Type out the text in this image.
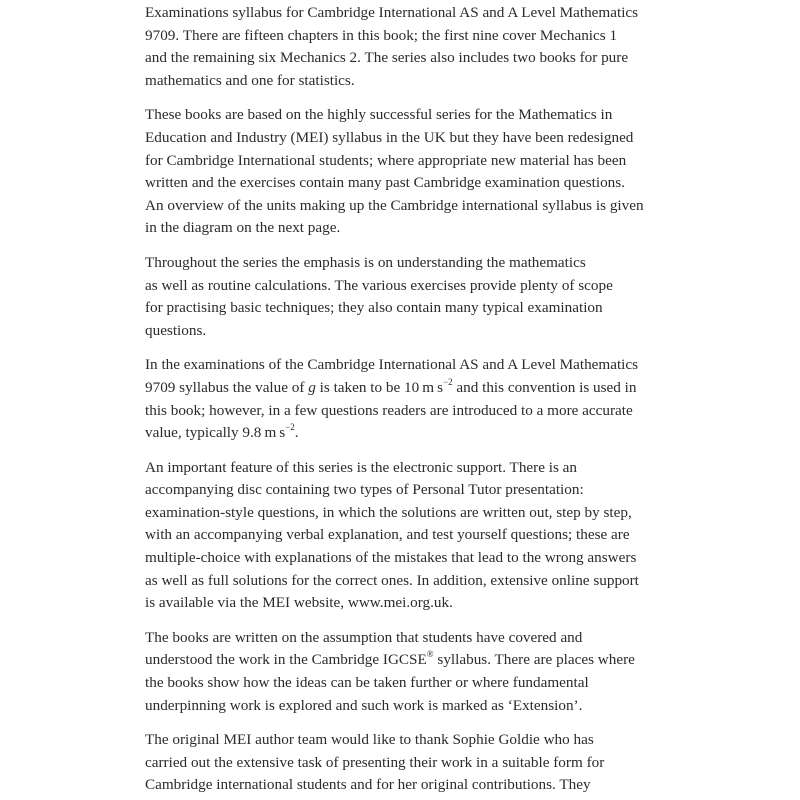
Examinations syllabus for Cambridge International AS and A Level Mathematics
9709. There are fifteen chapters in this book; the first nine cover Mechanics 1
and the remaining six Mechanics 2. The series also includes two books for pure
mathematics and one for statistics.

These books are based on the highly successful series for the Mathematics in
Education and Industry (MEI) syllabus in the UK but they have been redesigned
for Cambridge International students; where appropriate new material has been
written and the exercises contain many past Cambridge examination questions.
An overview of the units making up the Cambridge international syllabus is given
in the diagram on the next page.

Throughout the series the emphasis is on understanding the mathematics
as well as routine calculations. The various exercises provide plenty of scope
for practising basic techniques; they also contain many typical examination
questions.

In the examinations of the Cambridge International AS and A Level Mathematics
9709 syllabus the value of g is taken to be 10 m $s^{-2}$ and this convention is used in
this book; however, in a few questions readers are introduced to a more accurate
value, typically 9.8 m $s^{-2}$.

An important feature of this series is the electronic support. There is an
accompanying disc containing two types of Personal Tutor presentation:
examination-style questions, in which the solutions are written out, step by step,
with an accompanying verbal explanation, and test yourself questions; these are
multiple-choice with explanations of the mistakes that lead to the wrong answers
as well as full solutions for the correct ones. In addition, extensive online support
is available via the MEI website, www.mei.org.uk.

The books are written on the assumption that students have covered and
understood the work in the Cambridge IGCSE® syllabus. There are places where
the books show how the ideas can be taken further or where fundamental
underpinning work is explored and such work is marked as ‘Extension’.

The original MEI author team would like to thank Sophie Goldie who has
carried out the extensive task of presenting their work in a suitable form for
Cambridge international students and for her original contributions. They
